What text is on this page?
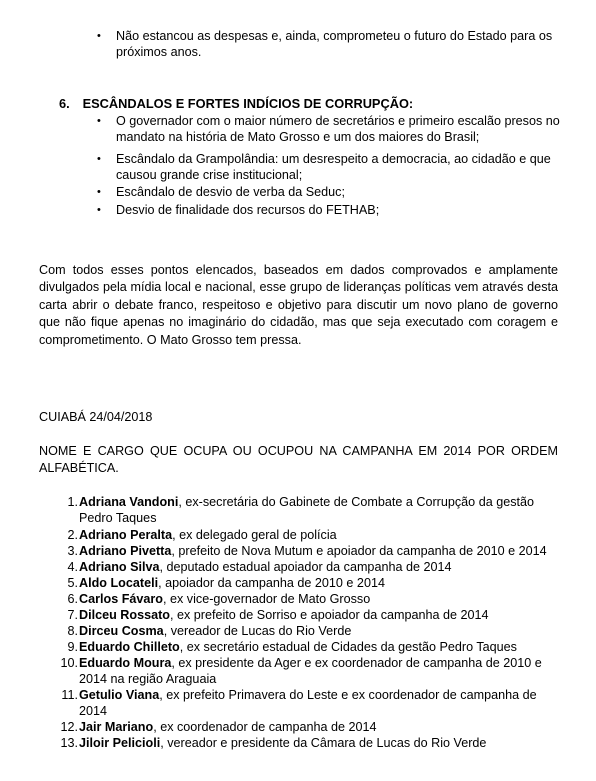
• Não estancou as despesas e, ainda, comprometeu o futuro do Estado para os próximos anos.
6. ESCÂNDALOS E FORTES INDÍCIOS DE CORRUPÇÃO:
• O governador com o maior número de secretários e primeiro escalão presos no mandato na história de Mato Grosso e um dos maiores do Brasil;
• Escândalo da Grampolândia: um desrespeito a democracia, ao cidadão e que causou grande crise institucional;
• Escândalo de desvio de verba da Seduc;
• Desvio de finalidade dos recursos do FETHAB;
Com todos esses pontos elencados, baseados em dados comprovados e amplamente divulgados pela mídia local e nacional, esse grupo de lideranças políticas vem através desta carta abrir o debate franco, respeitoso e objetivo para discutir um novo plano de governo que não fique apenas no imaginário do cidadão, mas que seja executado com coragem e comprometimento. O Mato Grosso tem pressa.
CUIABÁ 24/04/2018
NOME E CARGO QUE OCUPA OU OCUPOU NA CAMPANHA EM 2014 POR ORDEM ALFABÉTICA.
1. Adriana Vandoni, ex-secretária do Gabinete de Combate a Corrupção da gestão Pedro Taques
2. Adriano Peralta, ex delegado geral de polícia
3. Adriano Pivetta, prefeito de Nova Mutum e apoiador da campanha de 2010 e 2014
4. Adriano Silva, deputado estadual apoiador da campanha de 2014
5. Aldo Locateli, apoiador da campanha de 2010 e 2014
6. Carlos Fávaro, ex vice-governador de Mato Grosso
7. Dilceu Rossato, ex prefeito de Sorriso e apoiador da campanha de 2014
8. Dirceu Cosma, vereador de Lucas do Rio Verde
9. Eduardo Chilleto, ex secretário estadual de Cidades da gestão Pedro Taques
10. Eduardo Moura, ex presidente da Ager e ex coordenador de campanha de 2010 e 2014 na região Araguaia
11. Getulio Viana, ex prefeito Primavera do Leste e ex coordenador de campanha de 2014
12. Jair Mariano, ex coordenador de campanha de 2014
13. Jiloir Pelicioli, vereador e presidente da Câmara de Lucas do Rio Verde
